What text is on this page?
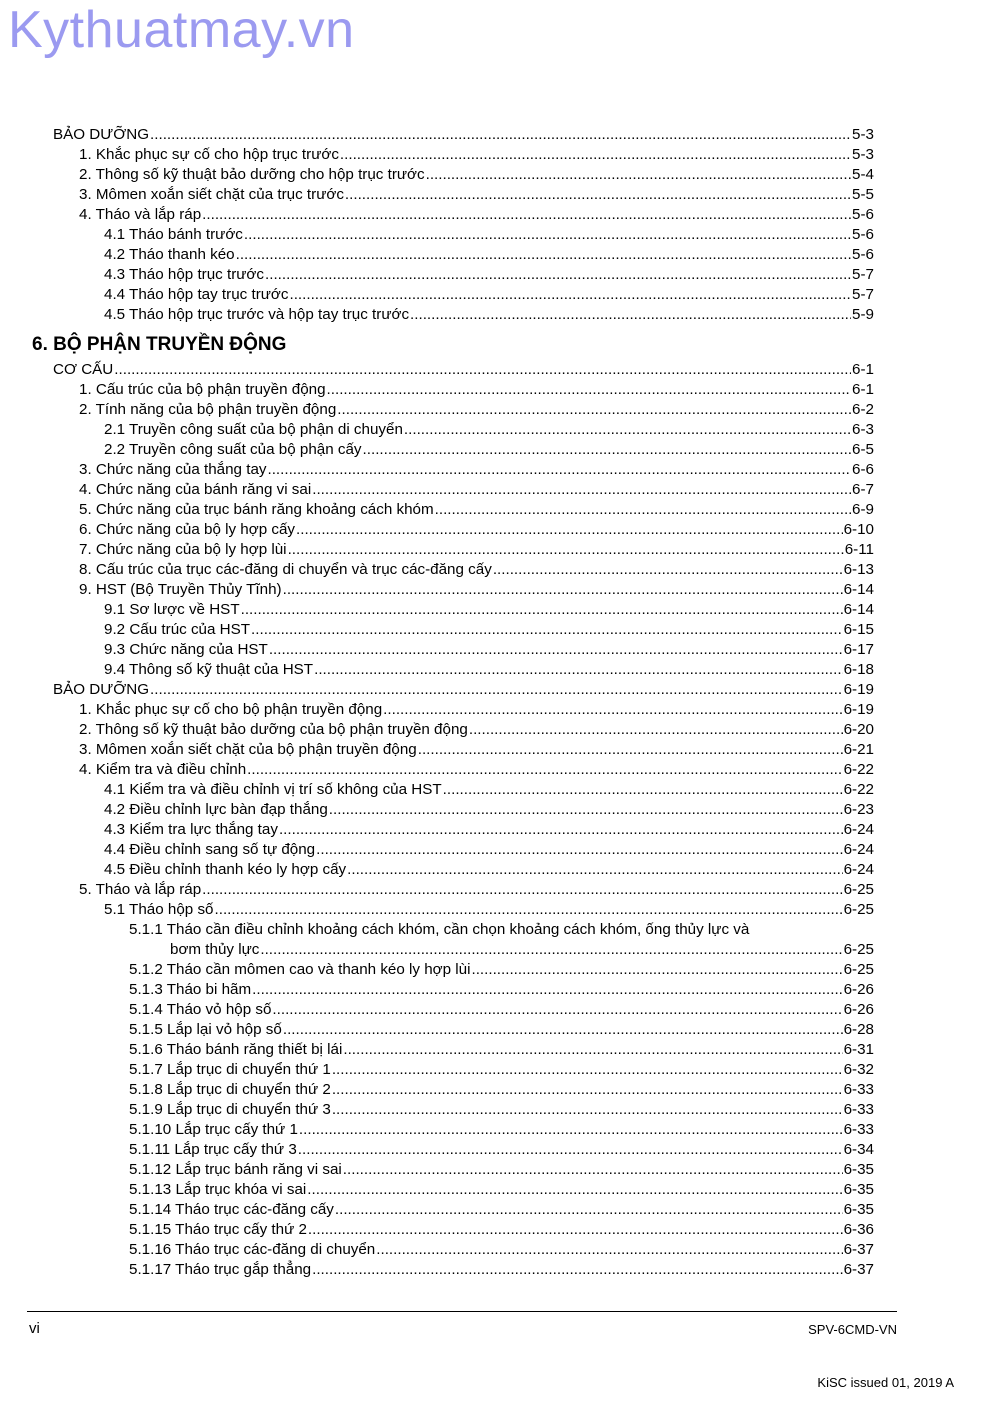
Kythuatmay.vn
BẢO DƯỠNG .....	5-3
1. Khắc phục sự cố cho hộp trục trước .....	5-3
2. Thông số kỹ thuật bảo dưỡng cho hộp trục trước .....	5-4
3. Mômen xoắn siết chặt của trục trước .....	5-5
4. Tháo và lắp ráp .....	5-6
4.1 Tháo bánh trước .....	5-6
4.2 Tháo thanh kéo .....	5-6
4.3 Tháo hộp trục trước .....	5-7
4.4 Tháo hộp tay trục trước .....	5-7
4.5 Tháo hộp trục trước và hộp tay trục trước .....	5-9
6. BỘ PHẬN TRUYỀN ĐỘNG
CƠ CẤU .....	6-1
1. Cấu trúc của bộ phận truyền động .....	6-1
2. Tính năng của bộ phận truyền động .....	6-2
2.1 Truyền công suất của bộ phận di chuyển .....	6-3
2.2 Truyền công suất của bộ phận cấy .....	6-5
3. Chức năng của thắng tay .....	6-6
4. Chức năng của bánh răng vi sai .....	6-7
5. Chức năng của trục bánh răng khoảng cách khóm .....	6-9
6. Chức năng của bộ ly hợp cấy .....	6-10
7. Chức năng của bộ ly hợp lùi .....	6-11
8. Cấu trúc của trục các-đăng di chuyển và trục các-đăng cấy .....	6-13
9. HST (Bộ Truyền Thủy Tĩnh) .....	6-14
9.1 Sơ lược về HST .....	6-14
9.2 Cấu trúc của HST .....	6-15
9.3 Chức năng của HST .....	6-17
9.4 Thông số kỹ thuật của HST .....	6-18
BẢO DƯỠNG .....	6-19
1. Khắc phục sự cố cho bộ phận truyền động .....	6-19
2. Thông số kỹ thuật bảo dưỡng của bộ phận truyền động .....	6-20
3. Mômen xoắn siết chặt của bộ phận truyền động .....	6-21
4. Kiểm tra và điều chỉnh .....	6-22
4.1 Kiểm tra và điều chỉnh vị trí số không của HST .....	6-22
4.2 Điều chỉnh lực bàn đạp thắng .....	6-23
4.3 Kiểm tra lực thắng tay .....	6-24
4.4 Điều chỉnh sang số tự động .....	6-24
4.5 Điều chỉnh thanh kéo ly hợp cấy .....	6-24
5. Tháo và lắp ráp .....	6-25
5.1 Tháo hộp số .....	6-25
5.1.1 Tháo cần điều chỉnh khoảng cách khóm, cần chọn khoảng cách khóm, ống thủy lực và
bơm thủy lực .....	6-25
5.1.2 Tháo cần mômen cao và thanh kéo ly hợp lùi .....	6-25
5.1.3 Tháo bi hãm .....	6-26
5.1.4 Tháo vỏ hộp số .....	6-26
5.1.5 Lắp lại vỏ hộp số .....	6-28
5.1.6 Tháo bánh răng thiết bị lái .....	6-31
5.1.7 Lắp trục di chuyển thứ 1 .....	6-32
5.1.8 Lắp trục di chuyển thứ 2 .....	6-33
5.1.9 Lắp trục di chuyển thứ 3 .....	6-33
5.1.10 Lắp trục cấy thứ 1 .....	6-33
5.1.11 Lắp trục cấy thứ 3 .....	6-34
5.1.12 Lắp trục bánh răng vi sai .....	6-35
5.1.13 Lắp trục khóa vi sai .....	6-35
5.1.14 Tháo trục các-đăng cấy .....	6-35
5.1.15 Tháo trục cấy thứ 2 .....	6-36
5.1.16 Tháo trục các-đăng di chuyển .....	6-37
5.1.17 Tháo trục gắp thẳng .....	6-37
vi	SPV-6CMD-VN
KiSC issued 01, 2019 A
